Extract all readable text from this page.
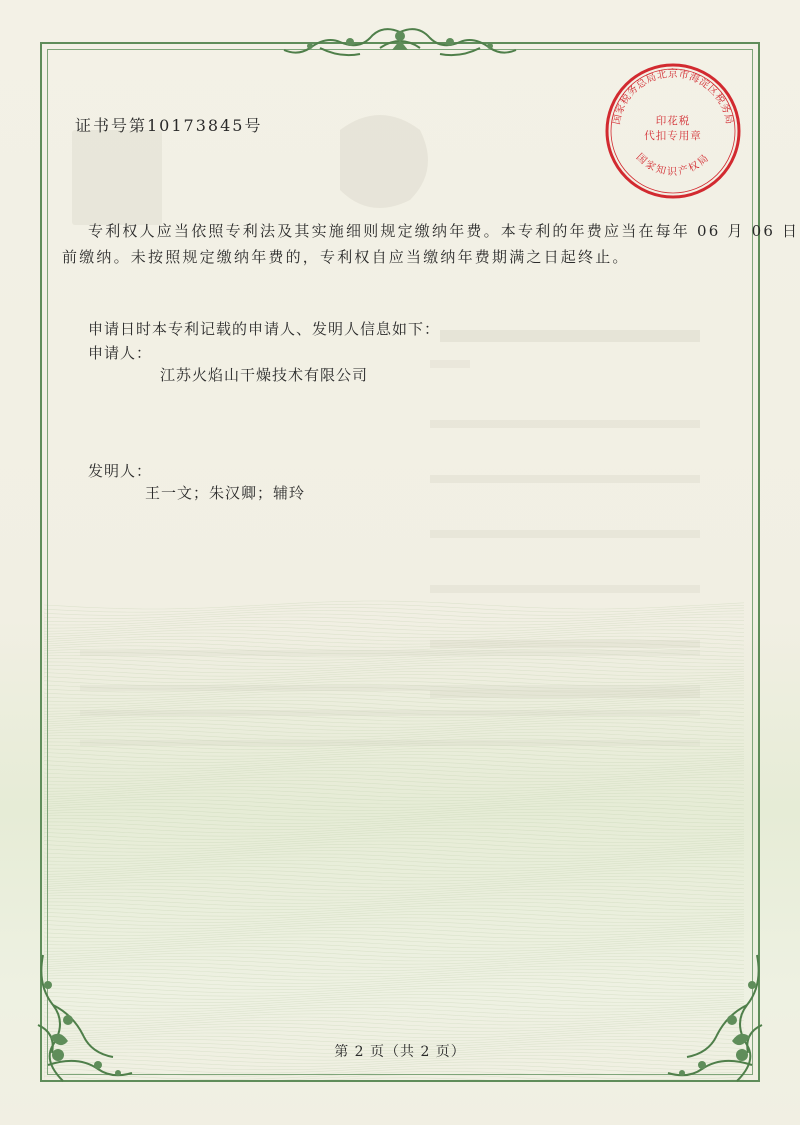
国家税务总局北京市海淀区税务局
国家知识产权局
印花税
代扣专用章
证书号第10173845号
专利权人应当依照专利法及其实施细则规定缴纳年费。本专利的年费应当在每年 06 月 06 日
前缴纳。未按照规定缴纳年费的，专利权自应当缴纳年费期满之日起终止。
申请日时本专利记载的申请人、发明人信息如下：
申请人：
江苏火焰山干燥技术有限公司
发明人：
王一文；朱汉卿；辅玲
第 2 页（共 2 页）
